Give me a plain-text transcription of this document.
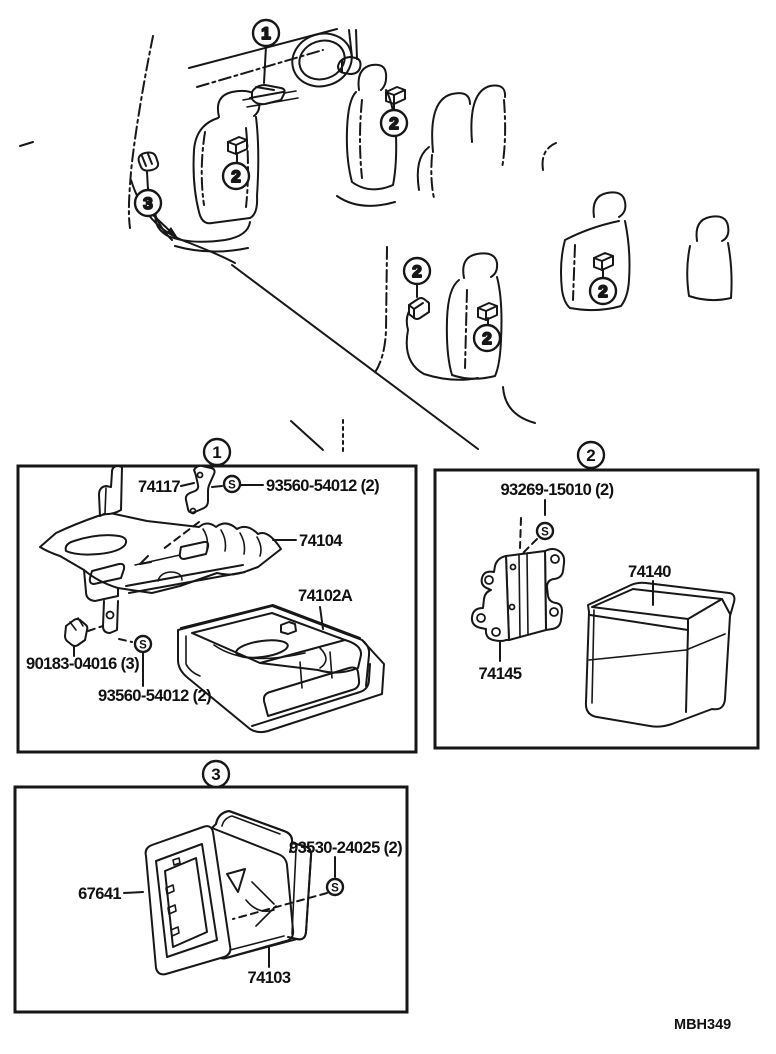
1
2
2
3
2
2
2
1
S
S
74117	93560-54012 (2)
74104
74102A
90183-04016 (3)
93560-54012 (2)
2
S
93269-15010 (2)
74145
74140
3
S
93530-24025 (2)
67641
74103
MBH349
